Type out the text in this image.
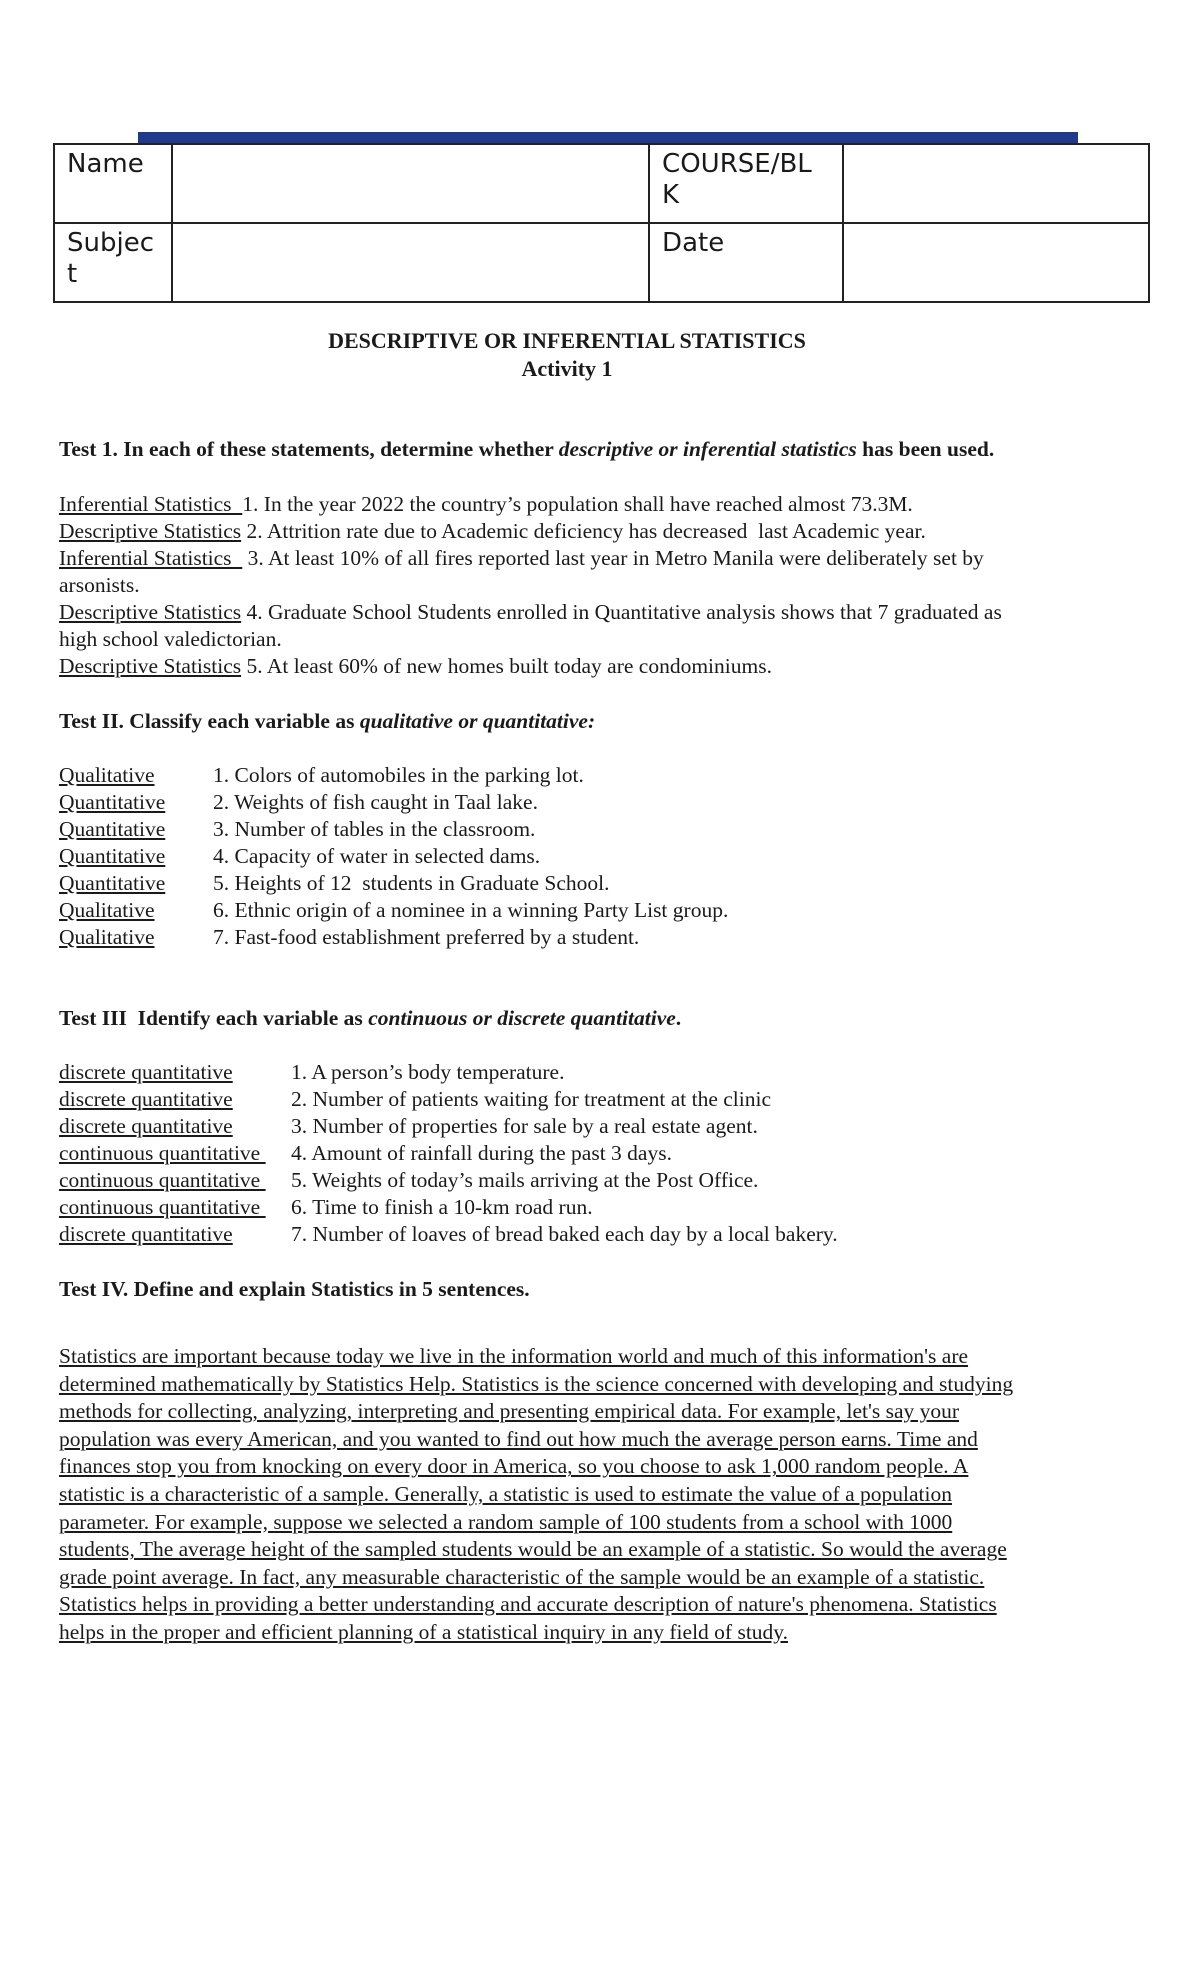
Name		COURSE/BL
K	
Subjec
t		Date	
DESCRIPTIVE OR INFERENTIAL STATISTICS
Activity 1
Test 1. In each of these statements, determine whether descriptive or inferential statistics has been used.
Inferential Statistics  1. In the year 2022 the country’s population shall have reached almost 73.3M.
Descriptive Statistics 2. Attrition rate due to Academic deficiency has decreased  last Academic year.
Inferential Statistics   3. At least 10% of all fires reported last year in Metro Manila were deliberately set by
arsonists.
Descriptive Statistics 4. Graduate School Students enrolled in Quantitative analysis shows that 7 graduated as
high school valedictorian.
Descriptive Statistics 5. At least 60% of new homes built today are condominiums.
Test II. Classify each variable as qualitative or quantitative:
Qualitative	1. Colors of automobiles in the parking lot.
Quantitative 2. Weights of fish caught in Taal lake.
Quantitative 3. Number of tables in the classroom.
Quantitative 4. Capacity of water in selected dams.
Quantitative 5. Heights of 12  students in Graduate School.
Qualitative	6. Ethnic origin of a nominee in a winning Party List group.
Qualitative	7. Fast-food establishment preferred by a student.
Test III  Identify each variable as continuous or discrete quantitative.
discrete quantitative	1. A person’s body temperature.
discrete quantitative	2. Number of patients waiting for treatment at the clinic
discrete quantitative	3. Number of properties for sale by a real estate agent.
continuous quantitative 4. Amount of rainfall during the past 3 days.
continuous quantitative 5. Weights of today’s mails arriving at the Post Office.
continuous quantitative 6. Time to finish a 10-km road run.
discrete quantitative	7. Number of loaves of bread baked each day by a local bakery.
Test IV. Define and explain Statistics in 5 sentences.
Statistics are important because today we live in the information world and much of this information's are
determined mathematically by Statistics Help. Statistics is the science concerned with developing and studying
methods for collecting, analyzing, interpreting and presenting empirical data. For example, let's say your
population was every American, and you wanted to find out how much the average person earns. Time and
finances stop you from knocking on every door in America, so you choose to ask 1,000 random people. A
statistic is a characteristic of a sample. Generally, a statistic is used to estimate the value of a population
parameter. For example, suppose we selected a random sample of 100 students from a school with 1000
students, The average height of the sampled students would be an example of a statistic. So would the average
grade point average. In fact, any measurable characteristic of the sample would be an example of a statistic.
Statistics helps in providing a better understanding and accurate description of nature's phenomena. Statistics
helps in the proper and efficient planning of a statistical inquiry in any field of study.
